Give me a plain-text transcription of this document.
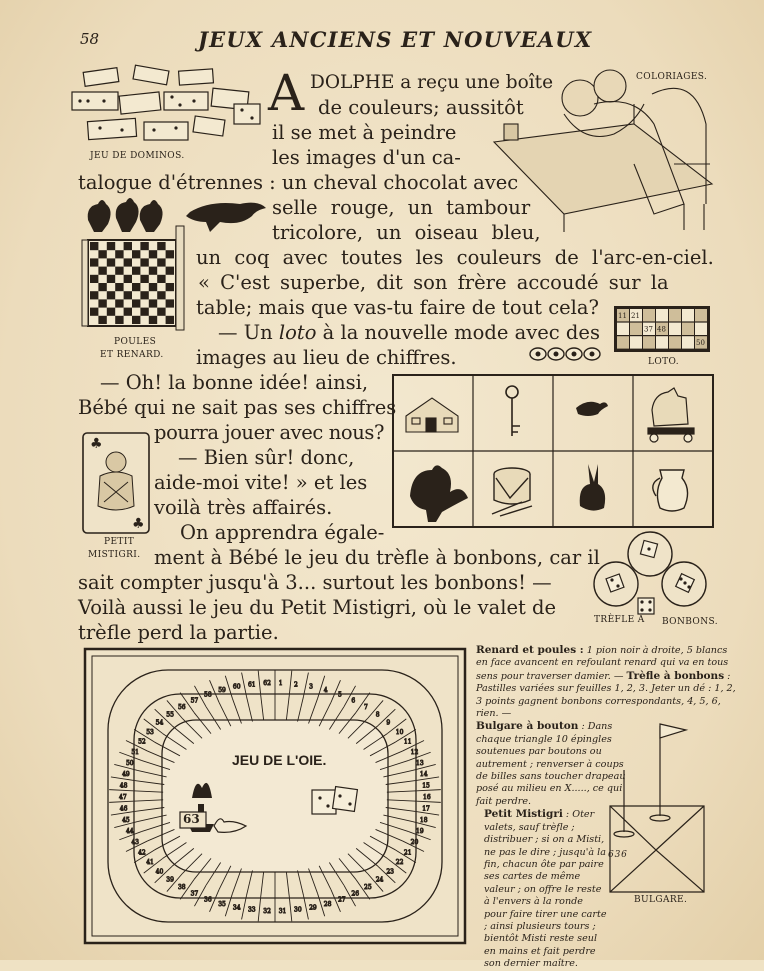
58	JEUX ANCIENS ET NOUVEAUX
JEU DE DOMINOS.
COLORIAGES.
POULES
ET RENARD.
11 21
37 48
50
LOTO.
♣
♣
PETIT
MISTIGRI.
TRÈFLE A BONBONS.
A DOLPHE a reçu une boîte
de couleurs; aussitôt
il se met à peindre
les images d'un ca-
talogue d'étrennes : un cheval chocolat avec
selle rouge, un tambour
tricolore, un oiseau bleu,
un coq avec toutes les couleurs de l'arc-en-ciel.
« C'est superbe, dit son frère accoudé sur la
table; mais que vas-tu faire de tout cela?
— Un loto à la nouvelle mode avec des
images au lieu de chiffres.
— Oh! la bonne idée! ainsi,
Bébé qui ne sait pas ses chiffres
pourra jouer avec nous?
— Bien sûr! donc,
aide-moi vite! » et les
voilà très affairés.
On apprendra égale-
ment à Bébé le jeu du trèfle à bonbons, car il
sait compter jusqu'à 3... surtout les bonbons! —
Voilà aussi le jeu du Petit Mistigri, où le valet de
trèfle perd la partie.
1 2 3 4
5
6
7
8
9
10
11
12
13
14
15
16
17
18
19
20
21
22
23
24
25
26
27
28
29
30
31
32
33
34
35
36
37
38
39
40
41
42
43
44
45
46
47
48
49
50
51
52
53
54
55
56
57
58
59 60 61 62
JEU DE L'OIE.
63
6 3 6
BULGARE.
Renard et poules : 1 pion noir à droite, 5 blancs en face avancent en refoulant renard qui va en tous sens pour traverser damier. — Trèfle à bonbons : Pastilles variées sur feuilles 1, 2, 3. Jeter un dé : 1, 2, 3 points gagnent bonbons correspondants, 4, 5, 6, rien. —
Bulgare à bouton : Dans chaque triangle 10 épingles soutenues par boutons ou autrement ; renverser à coups de billes sans toucher drapeau posé au milieu en X....., ce qui fait perdre.
Petit Mistigri : Oter valets, sauf trèfle ; distribuer ; si on a Misti, ne pas le dire ; jusqu'à la fin, chacun ôte par paire ses cartes de même valeur ; on offre le reste à l'envers à la ronde pour faire tirer une carte ; ainsi plusieurs tours ; bientôt Misti reste seul en mains et fait perdre son dernier maître.
